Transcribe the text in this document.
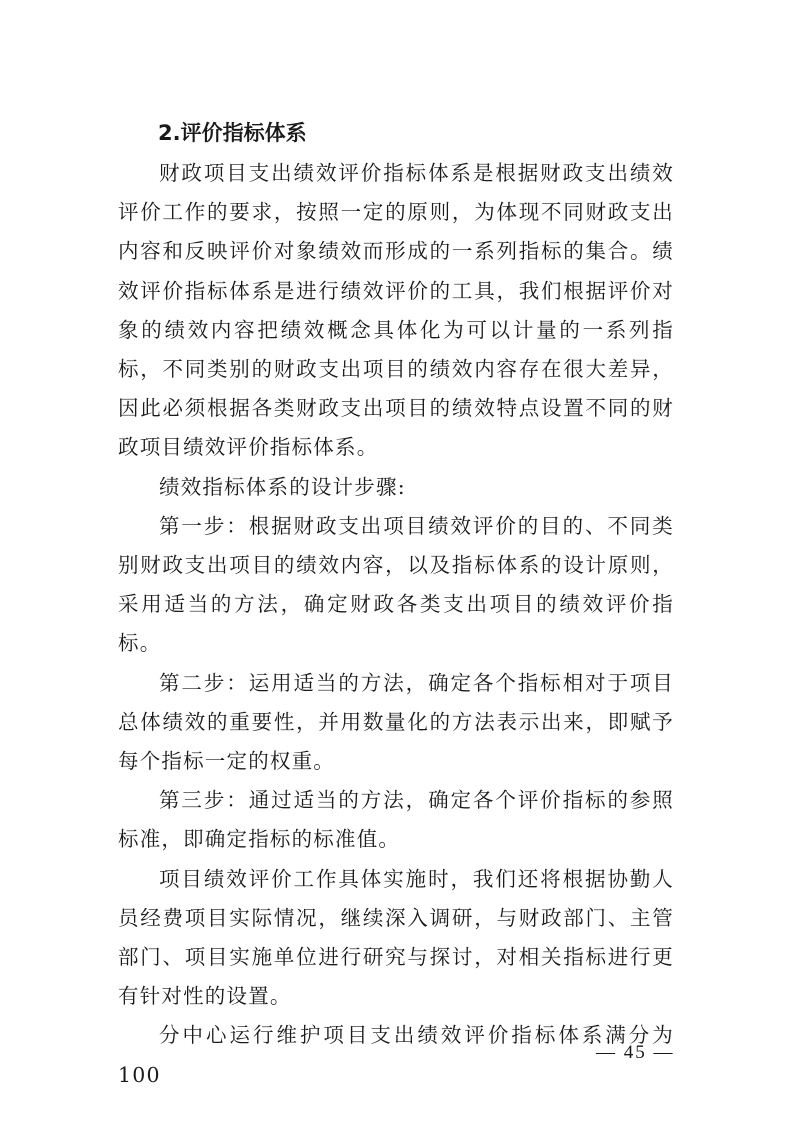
2.评价指标体系

财政项目支出绩效评价指标体系是根据财政支出绩效评价工作的要求，按照一定的原则，为体现不同财政支出内容和反映评价对象绩效而形成的一系列指标的集合。绩效评价指标体系是进行绩效评价的工具，我们根据评价对象的绩效内容把绩效概念具体化为可以计量的一系列指标，不同类别的财政支出项目的绩效内容存在很大差异，因此必须根据各类财政支出项目的绩效特点设置不同的财政项目绩效评价指标体系。

绩效指标体系的设计步骤:

第一步：根据财政支出项目绩效评价的目的、不同类别财政支出项目的绩效内容，以及指标体系的设计原则，采用适当的方法，确定财政各类支出项目的绩效评价指标。

第二步：运用适当的方法，确定各个指标相对于项目总体绩效的重要性，并用数量化的方法表示出来，即赋予每个指标一定的权重。

第三步：通过适当的方法，确定各个评价指标的参照标准，即确定指标的标准值。

项目绩效评价工作具体实施时，我们还将根据协勤人员经费项目实际情况，继续深入调研，与财政部门、主管部门、项目实施单位进行研究与探讨，对相关指标进行更有针对性的设置。

分中心运行维护项目支出绩效评价指标体系满分为 100

— 45 —
